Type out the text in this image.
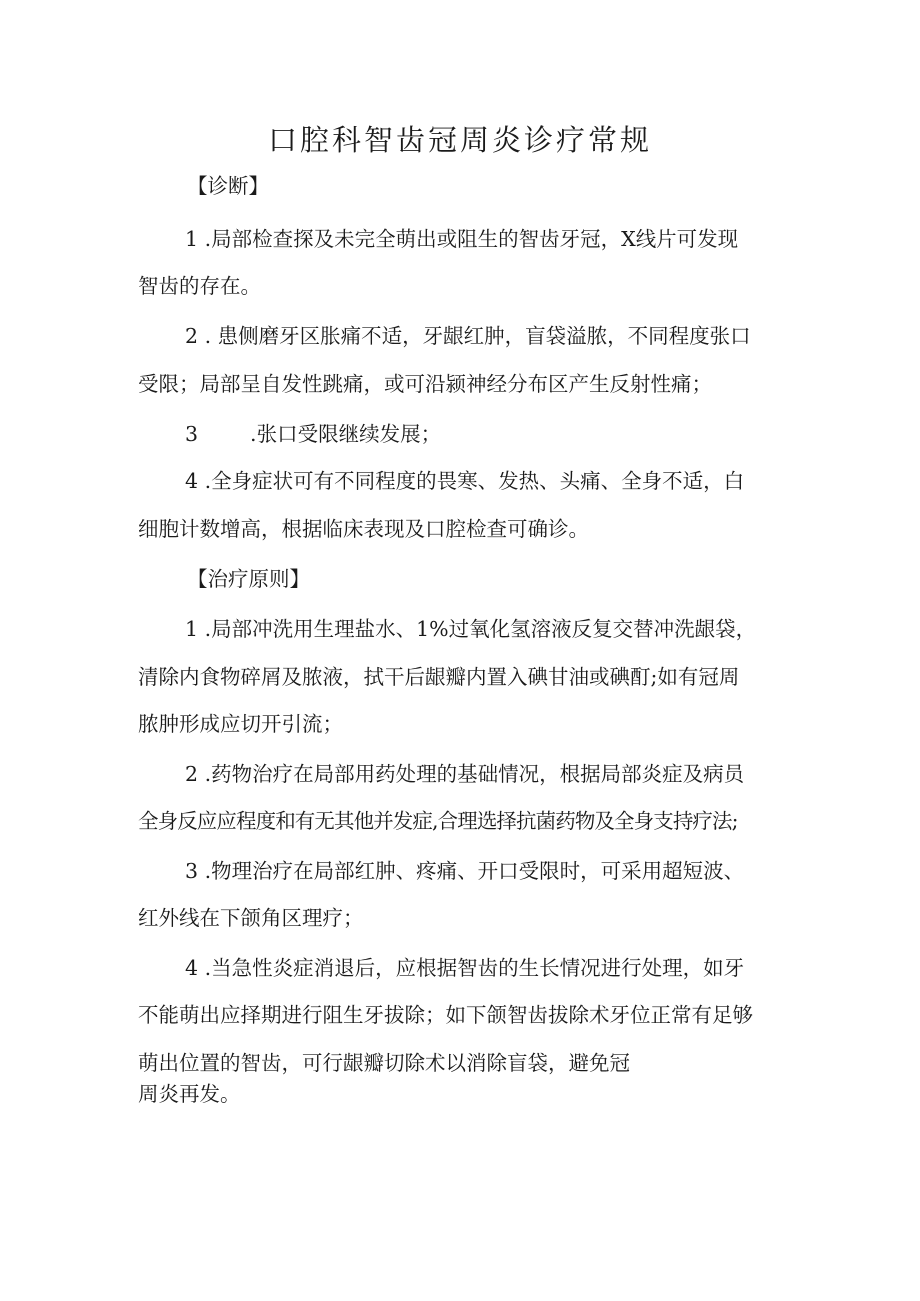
口腔科智齿冠周炎诊疗常规
【诊断】
1 .局部检查探及未完全萌出或阻生的智齿牙冠，X线片可发现
智齿的存在。
2 . 患侧磨牙区胀痛不适，牙龈红肿，盲袋溢脓，不同程度张口
受限；局部呈自发性跳痛，或可沿颍神经分布区产生反射性痛；
3	.张口受限继续发展；
4 .全身症状可有不同程度的畏寒、发热、头痛、全身不适，白
细胞计数增高，根据临床表现及口腔检查可确诊。
【治疗原则】
1 .局部冲洗用生理盐水、1%过氧化氢溶液反复交替冲洗龈袋，
清除内食物碎屑及脓液，拭干后龈瓣内置入碘甘油或碘酊;如有冠周
脓肿形成应切开引流；
2 .药物治疗在局部用药处理的基础情况，根据局部炎症及病员
全身反应应程度和有无其他并发症,合理选择抗菌药物及全身支持疗法;
3 .物理治疗在局部红肿、疼痛、开口受限时，可采用超短波、
红外线在下颌角区理疗；
4 .当急性炎症消退后，应根据智齿的生长情况进行处理，如牙
不能萌出应择期进行阻生牙拔除；如下颌智齿拔除术牙位正常有足够
萌出位置的智齿，可行龈瓣切除术以消除盲袋，避免冠
周炎再发。
